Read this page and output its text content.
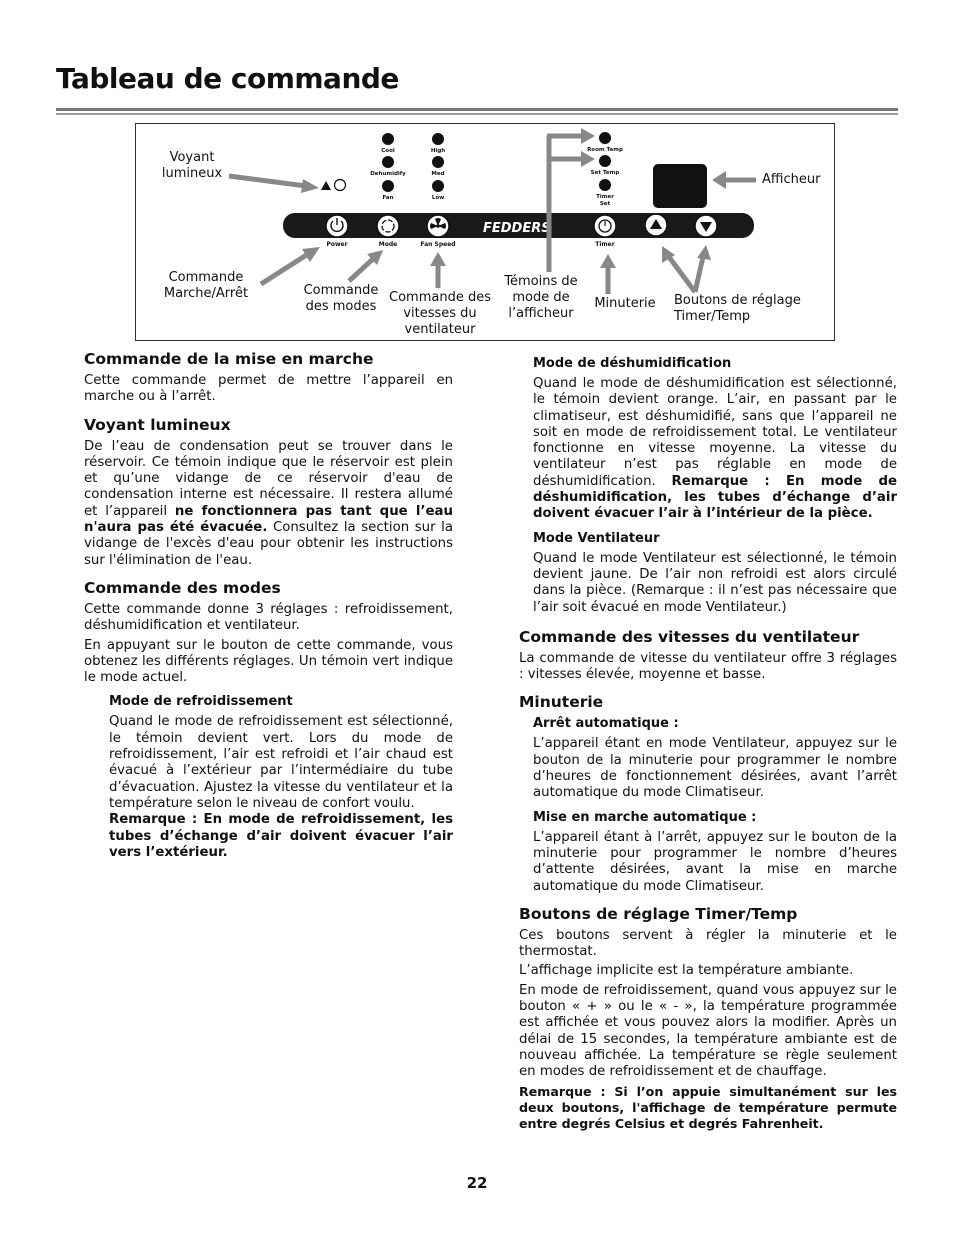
Tableau de commande
FEDDERS
Power	Mode	Fan Speed	Timer
Cool
Dehumidify
Fan
High
Med
Low
Room Temp
Set Temp
Timer
Set
Voyant
lumineux	Afficheur
Commande
Marche/Arrêt	Commande
des modes
Commande des
vitesses du
ventilateur
Témoins de
mode de
l’afficheur
Minuterie	Boutons de réglage
Timer/Temp
Commande de la mise en marche

Cette commande permet de mettre l’appareil en marche ou à l’arrêt.

Voyant lumineux

De l’eau de condensation peut se trouver dans le réservoir. Ce témoin indique que le réservoir est plein et qu’une vidange de ce réservoir d'eau de condensation interne est nécessaire. Il restera allumé et l’appareil ne fonctionnera pas tant que l’eau n'aura pas été évacuée. Consultez la section sur la vidange de l'excès d'eau pour obtenir les instructions sur l'élimination de l'eau.

Commande des modes

Cette commande donne 3 réglages : refroidissement, déshumidification et ventilateur.

En appuyant sur le bouton de cette commande, vous obtenez les différents réglages. Un témoin vert indique le mode actuel.

Mode de refroidissement

Quand le mode de refroidissement est sélectionné, le témoin devient vert. Lors du mode de refroidissement, l’air est refroidi et l’air chaud est évacué à l’extérieur par l’intermédiaire du tube d’évacuation. Ajustez la vitesse du ventilateur et la température selon le niveau de confort voulu.

Remarque : En mode de refroidissement, les tubes d’échange d’air doivent évacuer l’air vers l’extérieur.

Mode de déshumidification

Quand le mode de déshumidification est sélectionné, le témoin devient orange. L’air, en passant par le climatiseur, est déshumidifié, sans que l’appareil ne soit en mode de refroidissement total. Le ventilateur fonctionne en vitesse moyenne. La vitesse du ventilateur n’est pas réglable en mode de déshumidification. Remarque : En mode de déshumidification, les tubes d’échange d’air doivent évacuer l’air à l’intérieur de la pièce.

Mode Ventilateur

Quand le mode Ventilateur est sélectionné, le témoin devient jaune. De l’air non refroidi est alors circulé dans la pièce. (Remarque : il n’est pas nécessaire que l’air soit évacué en mode Ventilateur.)

Commande des vitesses du ventilateur

La commande de vitesse du ventilateur offre 3 réglages : vitesses élevée, moyenne et basse.

Minuterie
Arrêt automatique :

L’appareil étant en mode Ventilateur, appuyez sur le bouton de la minuterie pour programmer le nombre d’heures de fonctionnement désirées, avant l’arrêt automatique du mode Climatiseur.

Mise en marche automatique :

L’appareil étant à l’arrêt, appuyez sur le bouton de la minuterie pour programmer le nombre d’heures d’attente désirées, avant la mise en marche automatique du mode Climatiseur.

Boutons de réglage Timer/Temp

Ces boutons servent à régler la minuterie et le thermostat.

L’affichage implicite est la température ambiante.

En mode de refroidissement, quand vous appuyez sur le bouton « + » ou le « - », la température programmée est affichée et vous pouvez alors la modifier. Après un délai de 15 secondes, la température ambiante est de nouveau affichée. La température se règle seulement en modes de refroidissement et de chauffage.

Remarque : Si l’on appuie simultanément sur les deux boutons, l'affichage de température permute entre degrés Celsius et degrés Fahrenheit.

22
